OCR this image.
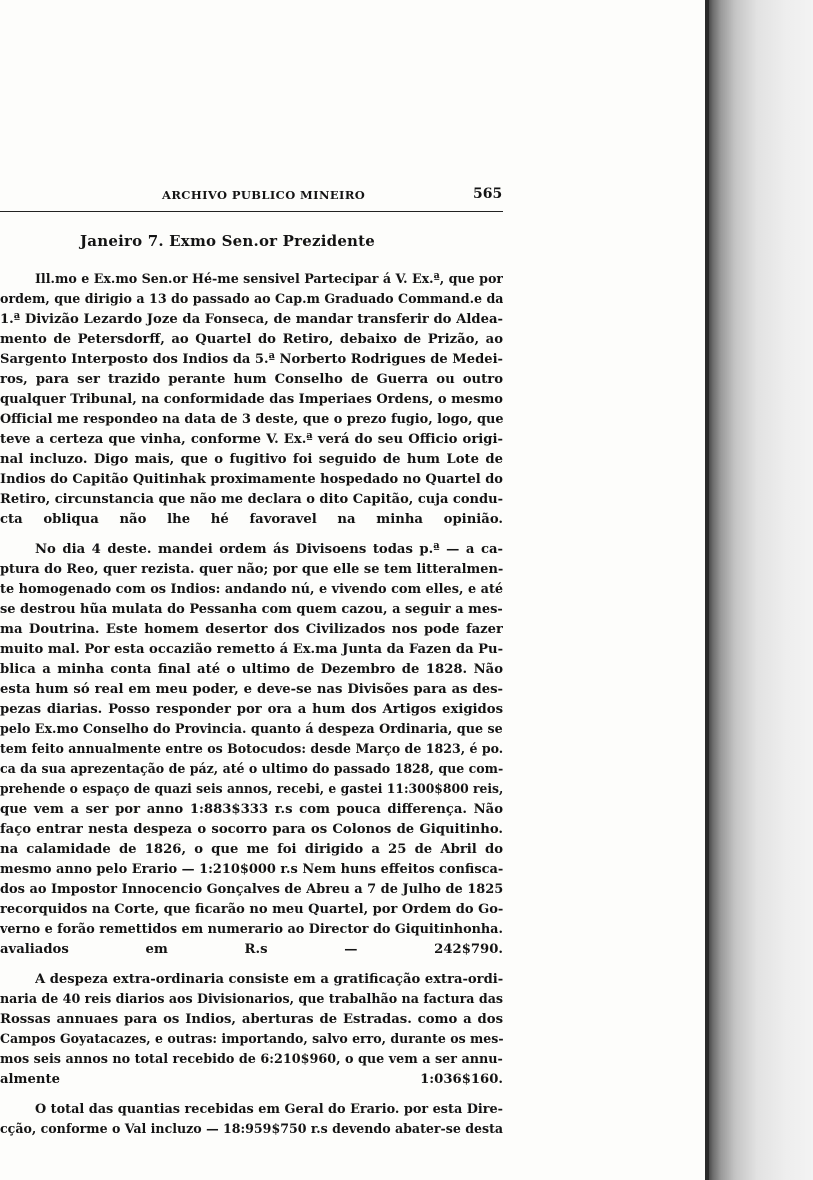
ARCHIVO PUBLICO MINEIRO	565
Janeiro 7. Exmo Sen.or Prezidente
Ill.mo e Ex.mo Sen.or Hé-me sensivel Partecipar á V. Ex.ª, que por
ordem, que dirigio a 13 do passado ao Cap.m Graduado Command.e da
1.ª Divizão Lezardo Joze da Fonseca, de mandar transferir do Aldea-
mento de Petersdorff, ao Quartel do Retiro, debaixo de Prizão, ao
Sargento Interposto dos Indios da 5.ª Norberto Rodrigues de Medei-
ros, para ser trazido perante hum Conselho de Guerra ou outro
qualquer Tribunal, na conformidade das Imperiaes Ordens, o mesmo
Official me respondeo na data de 3 deste, que o prezo fugio, logo, que
teve a certeza que vinha, conforme V. Ex.ª verá do seu Officio origi-
nal incluzo. Digo mais, que o fugitivo foi seguido de hum Lote de
Indios do Capitão Quitinhak proximamente hospedado no Quartel do
Retiro, circunstancia que não me declara o dito Capitão, cuja condu-
cta obliqua não lhe hé favoravel na minha opinião.
No dia 4 deste. mandei ordem ás Divisoens todas p.ª — a ca-
ptura do Reo, quer rezista. quer não; por que elle se tem litteralmen-
te homogenado com os Indios: andando nú, e vivendo com elles, e até
se destrou hũa mulata do Pessanha com quem cazou, a seguir a mes-
ma Doutrina. Este homem desertor dos Civilizados nos pode fazer
muito mal. Por esta occazião remetto á Ex.ma Junta da Fazen da Pu-
blica a minha conta final até o ultimo de Dezembro de 1828. Não
esta hum só real em meu poder, e deve-se nas Divisões para as des-
pezas diarias. Posso responder por ora a hum dos Artigos exigidos
pelo Ex.mo Conselho do Provincia. quanto á despeza Ordinaria, que se
tem feito annualmente entre os Botocudos: desde Março de 1823, é po.
ca da sua aprezentação de páz, até o ultimo do passado 1828, que com-
prehende o espaço de quazi seis annos, recebi, e gastei 11:300$800 reis,
que vem a ser por anno 1:883$333 r.s com pouca differença. Não
faço entrar nesta despeza o socorro para os Colonos de Giquitinho.
na calamidade de 1826, o que me foi dirigido a 25 de Abril do
mesmo anno pelo Erario — 1:210$000 r.s Nem huns effeitos confisca-
dos ao Impostor Innocencio Gonçalves de Abreu a 7 de Julho de 1825
recorquidos na Corte, que ficarão no meu Quartel, por Ordem do Go-
verno e forão remettidos em numerario ao Director do Giquitinhonha.
avaliados em R.s — 242$790.
A despeza extra-ordinaria consiste em a gratificação extra-ordi-
naria de 40 reis diarios aos Divisionarios, que trabalhão na factura das
Rossas annuaes para os Indios, aberturas de Estradas. como a dos
Campos Goyatacazes, e outras: importando, salvo erro, durante os mes-
mos seis annos no total recebido de 6:210$960, o que vem a ser annu-
almente 1:036$160.
O total das quantias recebidas em Geral do Erario. por esta Dire-
cção, conforme o Val incluzo — 18:959$750 r.s devendo abater-se desta
